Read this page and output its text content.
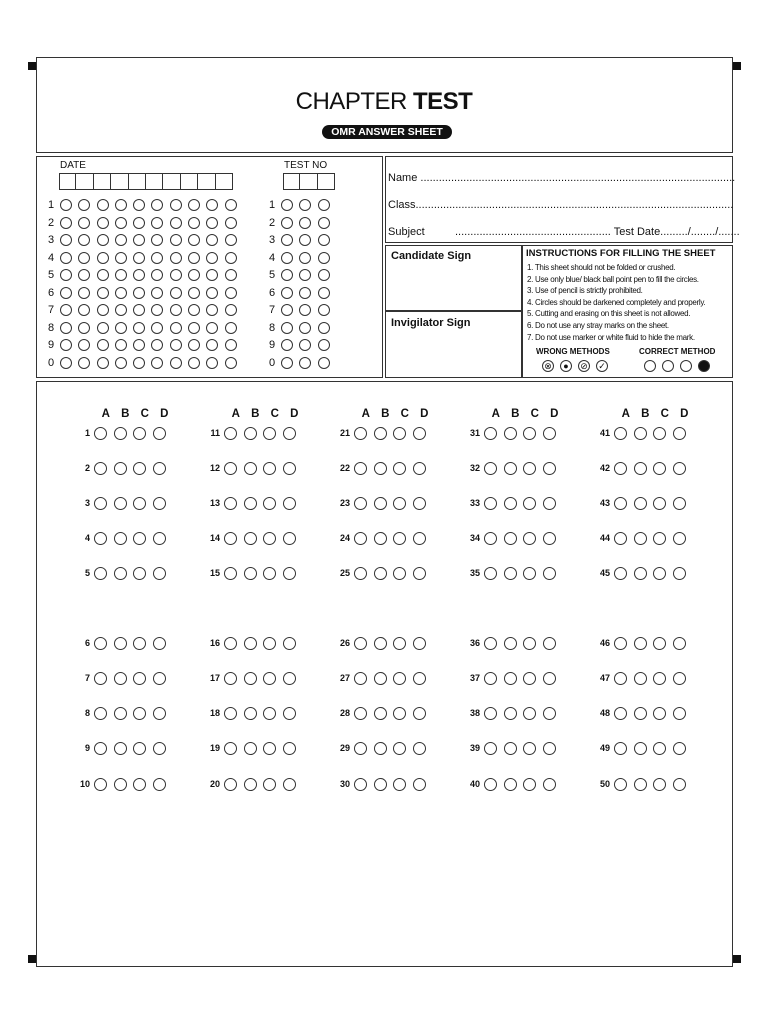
CHAPTER TEST
OMR ANSWER SHEET
DATE	TEST NO
1
2
3
4
5
6
7
8
9
0
1
2
3
4
5
6
7
8
9
0
Name .......................................................................................................
Class........................................................................................................
Subject	................................................... Test Date........./......../.......
Candidate Sign
Invigilator Sign
INSTRUCTIONS FOR FILLING THE SHEET
1. This sheet should not be folded or crushed.
2. Use only blue/ black ball point pen to fill the circles.
3. Use of pencil is strictly prohibited.
4. Circles should be darkened completely and properly.
5. Cutting and erasing on this sheet is not allowed.
6. Do not use any stray marks on the sheet.
7. Do not use marker or white fluid to hide the mark.
WRONG METHODS	CORRECT METHOD
⊗	●	⊘ ✓
A B C D
1
2
3
4
5
6
7
8
9
10
A B C D
11
12
13
14
15
16
17
18
19
20
A B C D
21
22
23
24
25
26
27
28
29
30
A B C D
31
32
33
34
35
36
37
38
39
40
A B C D
41
42
43
44
45
46
47
48
49
50
